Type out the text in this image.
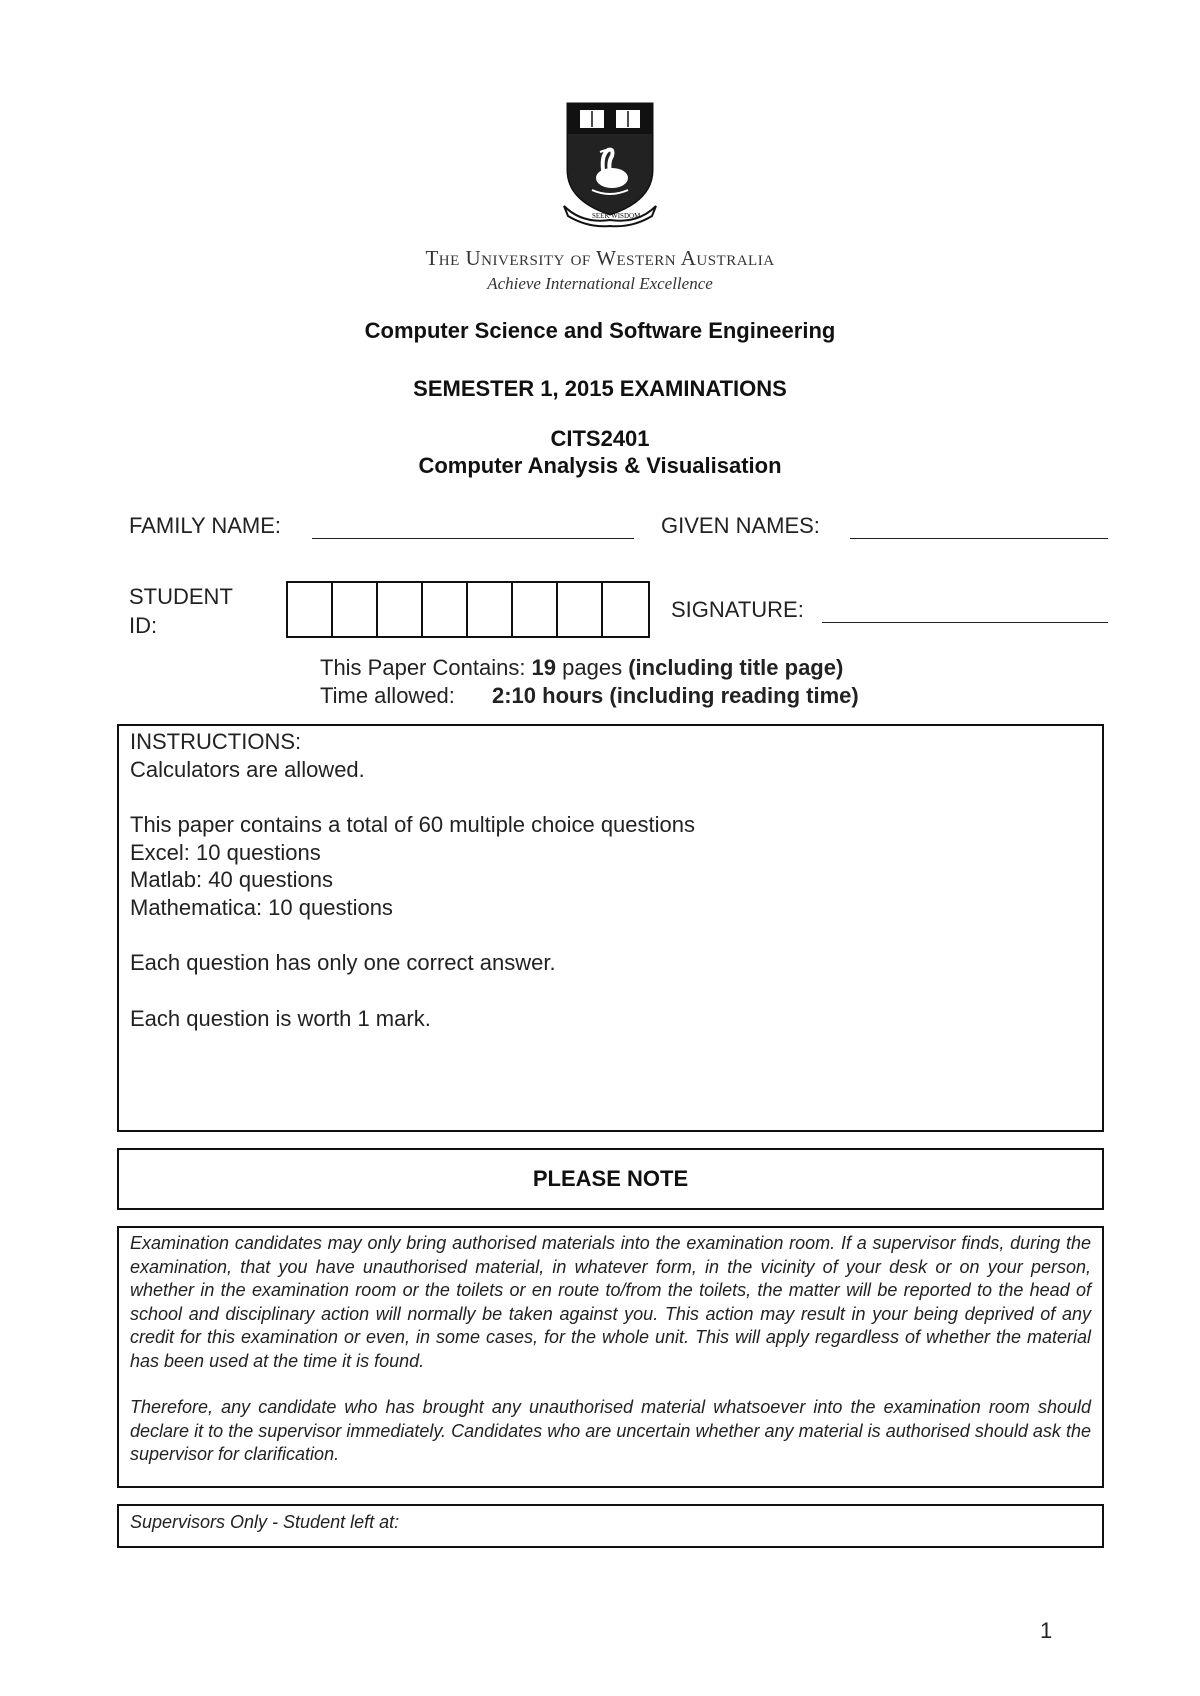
SEEK WISDOM
The University of Western Australia
Achieve International Excellence
Computer Science and Software Engineering
SEMESTER 1, 2015 EXAMINATIONS
CITS2401
Computer Analysis & Visualisation
FAMILY NAME:	GIVEN NAMES:
STUDENT
ID:
SIGNATURE:
This Paper Contains: 19 pages (including title page)
Time allowed: 2:10 hours (including reading time)

INSTRUCTIONS:

Calculators are allowed.

This paper contains a total of 60 multiple choice questions

Excel: 10 questions

Matlab: 40 questions

Mathematica: 10 questions

Each question has only one correct answer.

Each question is worth 1 mark.

PLEASE NOTE

Examination candidates may only bring authorised materials into the examination room. If a supervisor finds, during the examination, that you have unauthorised material, in whatever form, in the vicinity of your desk or on your person, whether in the examination room or the toilets or en route to/from the toilets, the matter will be reported to the head of school and disciplinary action will normally be taken against you. This action may result in your being deprived of any credit for this examination or even, in some cases, for the whole unit. This will apply regardless of whether the material has been used at the time it is found.

Therefore, any candidate who has brought any unauthorised material whatsoever into the examination room should declare it to the supervisor immediately. Candidates who are uncertain whether any material is authorised should ask the supervisor for clarification.

Supervisors Only - Student left at:
1
